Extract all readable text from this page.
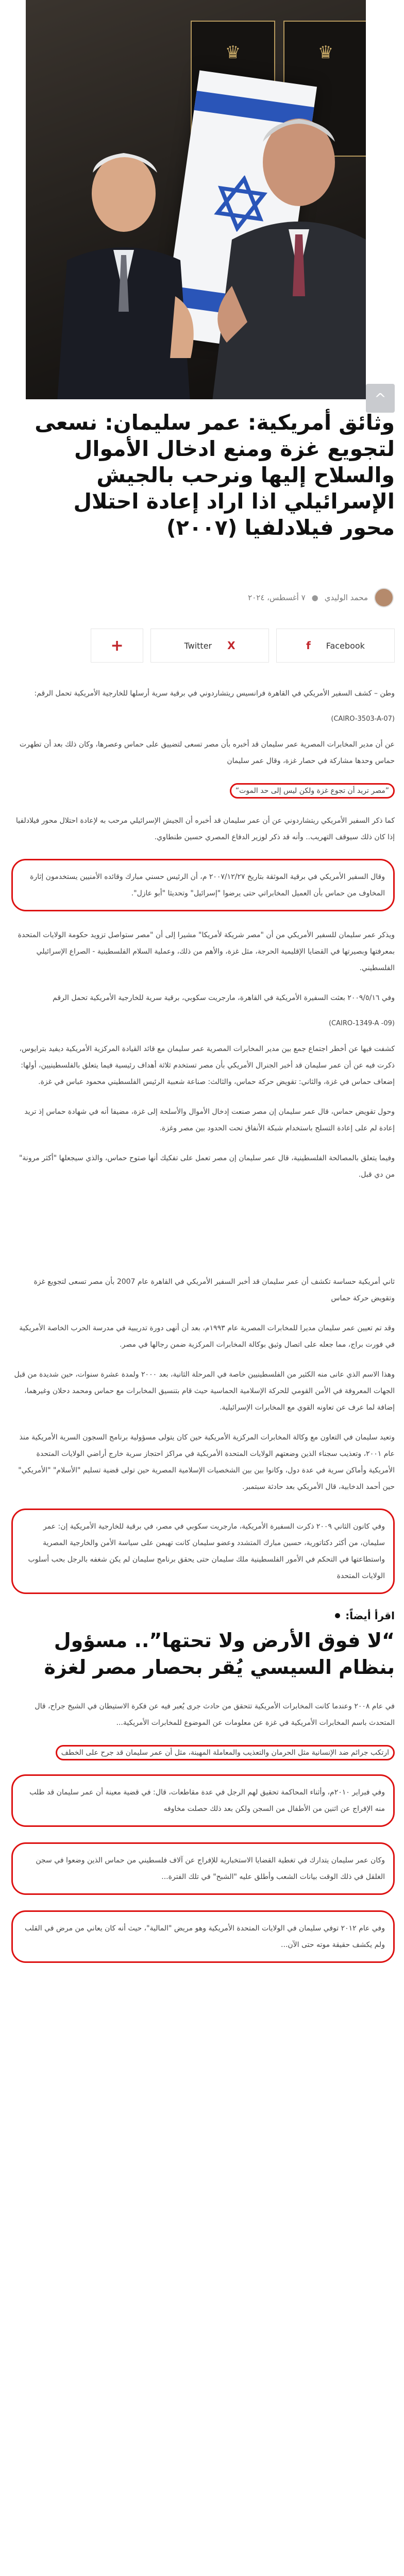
♛	♛
^
وثائق أمريكية: عمر سليمان: نسعى لتجويع غزة ومنع ادخال الأموال والسلاح إليها ونرحب بالجيش الإسرائيلي اذا اراد إعادة احتلال محور فيلادلفيا (٢٠٠٧)
محمد الوليدي
●
٧ أغسطس، ٢٠٢٤
Facebook
f
X
Twitter
+

وطن – كشف السفير الأمريكي في القاهرة فرانسيس ريتشاردوني في برقية سرية أرسلها للخارجية الأمريكية تحمل الرقم:

(CAIRO-3503-A-07)

عن أن مدير المخابرات المصرية عمر سليمان قد أخبره بأن مصر تسعى لتضييق على حماس وعصرها، وكان ذلك بعد أن تطهرت حماس وحدها مشاركة في حصار غزة، وقال عمر سليمان

”مصر تريد أن تجوع غزة ولكن ليس إلى حد الموت“

كما ذكر السفير الأمريكي ريتشاردوني عن أن عمر سليمان قد أخبره أن الجيش الإسرائيلي مرحب به لإعادة احتلال محور فيلادلفيا إذا كان ذلك سيوقف التهريب.. وأنه قد ذكر لوزير الدفاع المصري حسين طنطاوي.

وقال السفير الأمريكي في برقية الموثقة بتاريخ ٢٠٠٧/١٢/٢٧ م، أن الرئيس حسني مبارك وقائده الأمنيين يستخدمون إثارة المخاوف من حماس بأن العميل المخابراتي حتى يرضوا "إسرائيل" وتحديثا "أبو عازل".

ويذكر عمر سليمان للسفير الأمريكي من أن "مصر شريكة لأمريكا" مشيرا إلى أن "مصر ستواصل تزويد حكومة الولايات المتحدة بمعرفتها وبصيرتها في القضايا الإقليمية الحرجة، مثل غزة، والأهم من ذلك، وعملية السلام الفلسطينية - الصراع الإسرائيلي الفلسطيني.

وفي ٢٠٠٩/٥/١٦ بعثت السفيرة الأمريكية في القاهرة، مارجريت سكوبي، برقية سرية للخارجية الأمريكية تحمل الرقم

(CAIRO-1349-A -09)

كشفت فيها عن أخطر اجتماع جمع بين مدير المخابرات المصرية عمر سليمان مع قائد القيادة المركزية الأمريكية ديفيد بترايوس، ذكرت فيه عن أن عمر سليمان قد أخبر الجنرال الأمريكي بأن مصر تستخدم ثلاثة أهداف رئيسية فيما يتعلق بالفلسطينيين، أولها: إضعاف حماس في غزة، والثاني: تقويض حركة حماس، والثالث: صناعة شعبية الرئيس الفلسطيني محمود عباس في غزة.

وحول تقويض حماس، قال عمر سليمان إن مصر صنعت إدخال الأموال والأسلحة إلى غزة، مضيفا أنه في شهادة حماس إذ تريد إعادة لم على إعادة التسلح باستخدام شبكة الأنفاق تحت الحدود بين مصر وغزة.

وفيما يتعلق بالمصالحة الفلسطينية، قال عمر سليمان إن مصر تعمل على تفكيك أنها صتوح حماس، والذي سيجعلها "أكثر مرونة" من دي قبل.

ثاني أمريكية حساسة تكشف أن عمر سليمان قد أخبر السفير الأمريكي في القاهرة عام 2007 بأن مصر تسعى لتجويع غزة وتقويض حركة حماس

وقد تم تعيين عمر سليمان مديرا للمخابرات المصرية عام ١٩٩٣م، بعد أن أنهى دورة تدريبية في مدرسة الحرب الخاصة الأمريكية في فورت براج، مما جعله على اتصال وثيق بوكالة المخابرات المركزية ضمن رجالها في مصر.

وهذا الاسم الذي عانى منه الكثير من الفلسطينيين خاصة في المرحلة الثانية، بعد ٢٠٠٠ ولمدة عشرة سنوات، حين شديدة من قبل الجهات المعروفة في الأمن القومي للحركة الإسلامية الحماسية حيث قام بتنسيق المخابرات مع حماس ومحمد دحلان وغيرهما، إضافة لما عرف عن تعاونه القوي مع المخابرات الإسرائيلية.

وتعيد سليمان في التعاون مع وكالة المخابرات المركزية الأمريكية حين كان يتولى مسؤولية برنامج السجون السرية الأمريكية منذ عام ٢٠٠١، وتعذيب سجناء الذين وضعتهم الولايات المتحدة الأمريكية في مراكز احتجاز سرية خارج أراضي الولايات المتحدة الأمريكية وأماكن سرية في عدة دول، وكانوا بين بين الشخصيات الإسلامية المصرية حين تولى قضية تسليم "الأسلام" "الأمريكي" حين أحمد الدخابية، قال الأمريكي بعد حادثة سبتمبر.

وفي كانون الثاني ٢٠٠٩ ذكرت السفيرة الأمريكية، مارجريت سكوبي في مصر، في برقية للخارجية الأمريكية إن: عمر سليمان، من أكثر دكتاتورية، حسين مبارك المتشدد وعضو سليمان كانت تهيمن على سياسة الأمن والخارجية المصرية واستطاعتها في التحكم في الأمور الفلسطينية ملك سليمان حتى يحقق برنامج سليمان لم يكن شغفه بالرجل بحب أسلوب الولايات المتحدة

اقرأ أيضاً:
“لا فوق الأرض ولا تحتها”.. مسؤول بنظام السيسي يُقر بحصار مصر لغزة

في عام ٢٠٠٨ وعندما كانت المخابرات الأمريكية تتحقق من حادث جرى يُعبر فيه عن فكرة الاستيطان في الشيخ جراح، قال المتحدث باسم المخابرات الأمريكية في غزة عن معلومات عن الموضوع للمخابرات الأمريكية...

ارتكب جرائم ضد الإنسانية مثل الحرمان والتعذيب والمعاملة المهينة، مثل أن عمر سليمان قد جرح على الخطف

وفي فبراير ٢٠١٠م، وأثناء المحاكمة تحقيق لهم الرجل في عدة مقاطعات، قال: في قضية معينة أن عمر سليمان قد طلب منه الإفراج عن اثنين من الأطفال من السجن ولكن بعد ذلك حصلت مخاوفه

وكان عمر سليمان يتدارك في تغطية القضايا الاستخبارية للإفراج عن آلاف فلسطيني من حماس الذين وضعوا في سجن الغلقل في ذلك الوقت بيانات الشعب وأطلق عليه "الشبح" في تلك الفترة...

وفي عام ٢٠١٢ توفي سليمان في الولايات المتحدة الأمريكية وهو مريض "المالية"، حيث أنه كان يعاني من مرض في القلب ولم يكشف حقيقة موته حتى الآن...
